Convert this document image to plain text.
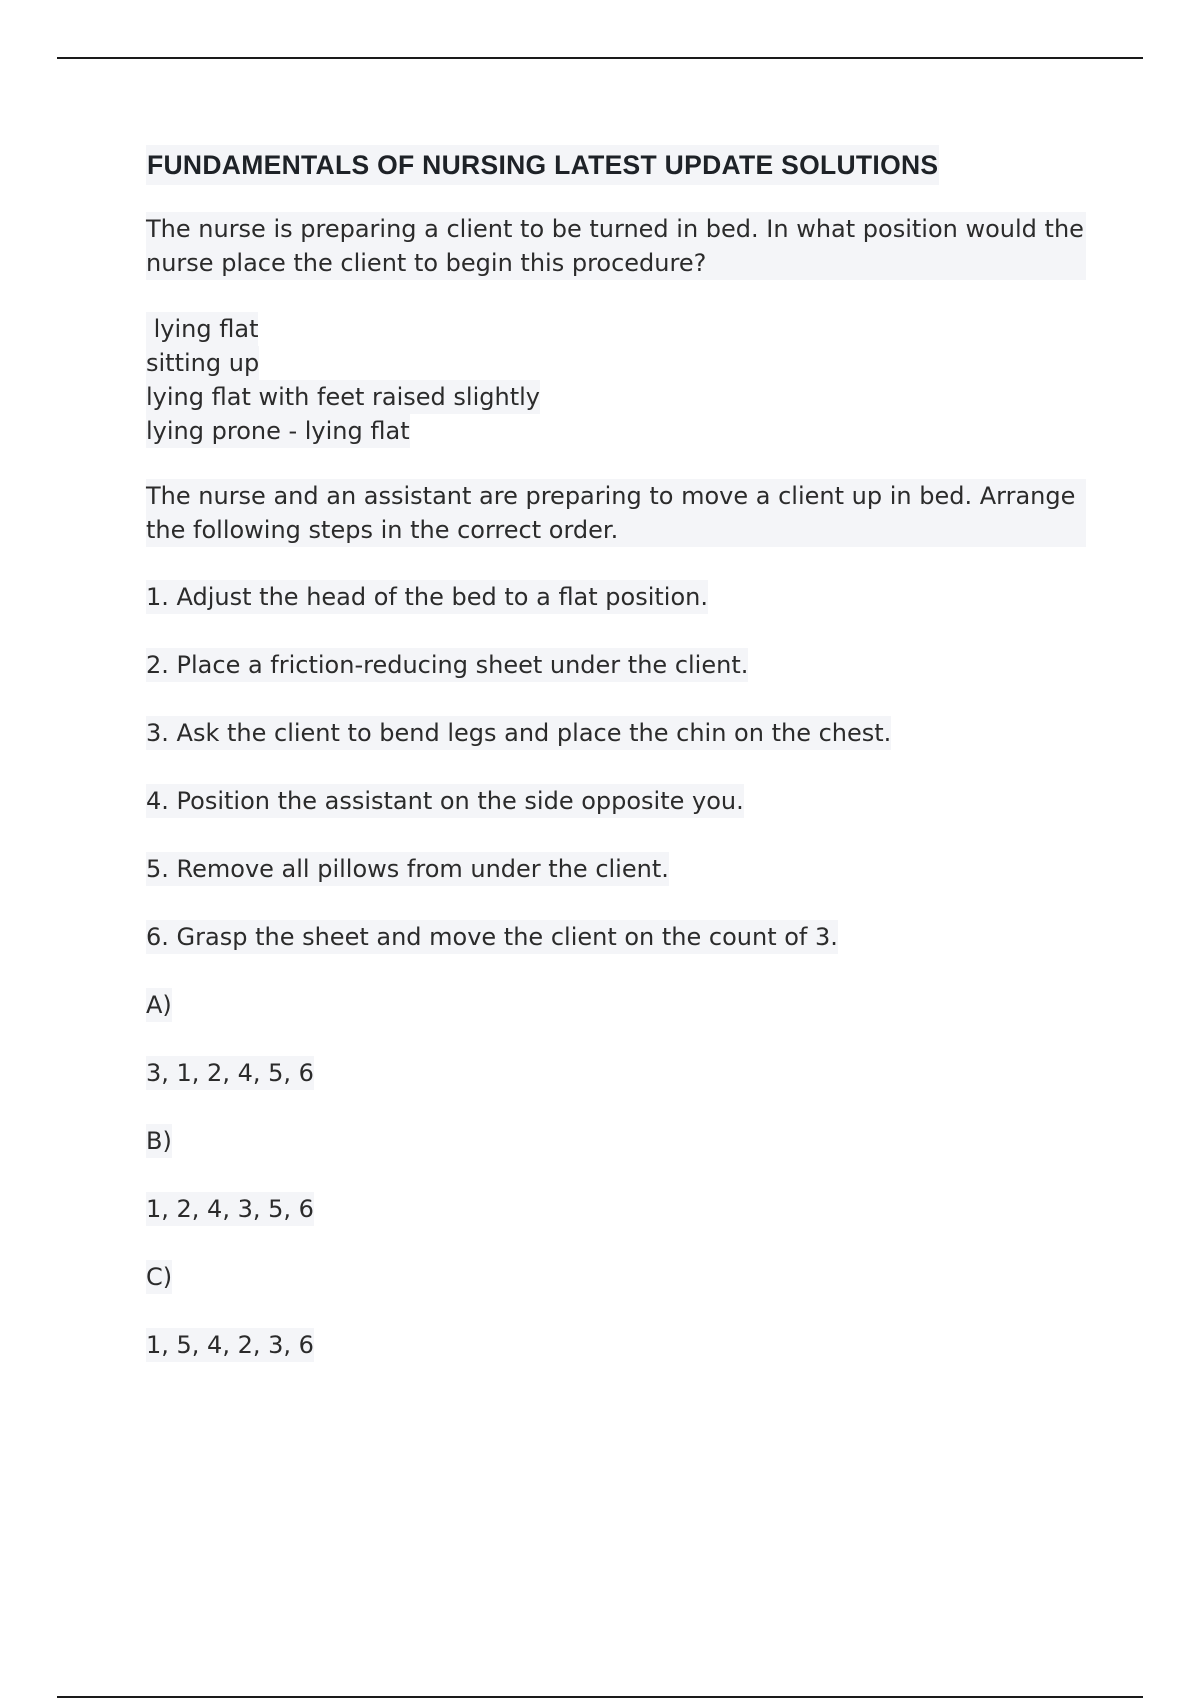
FUNDAMENTALS OF NURSING LATEST UPDATE SOLUTIONS

The nurse is preparing a client to be turned in bed. In what position would the nurse place the client to begin this procedure?

lying flat
sitting up
lying flat with feet raised slightly
lying prone - lying flat

The nurse and an assistant are preparing to move a client up in bed. Arrange the following steps in the correct order.

1. Adjust the head of the bed to a flat position.
2. Place a friction-reducing sheet under the client.
3. Ask the client to bend legs and place the chin on the chest.
4. Position the assistant on the side opposite you.
5. Remove all pillows from under the client.
6. Grasp the sheet and move the client on the count of 3.
A)
3, 1, 2, 4, 5, 6
B)
1, 2, 4, 3, 5, 6
C)
1, 5, 4, 2, 3, 6
